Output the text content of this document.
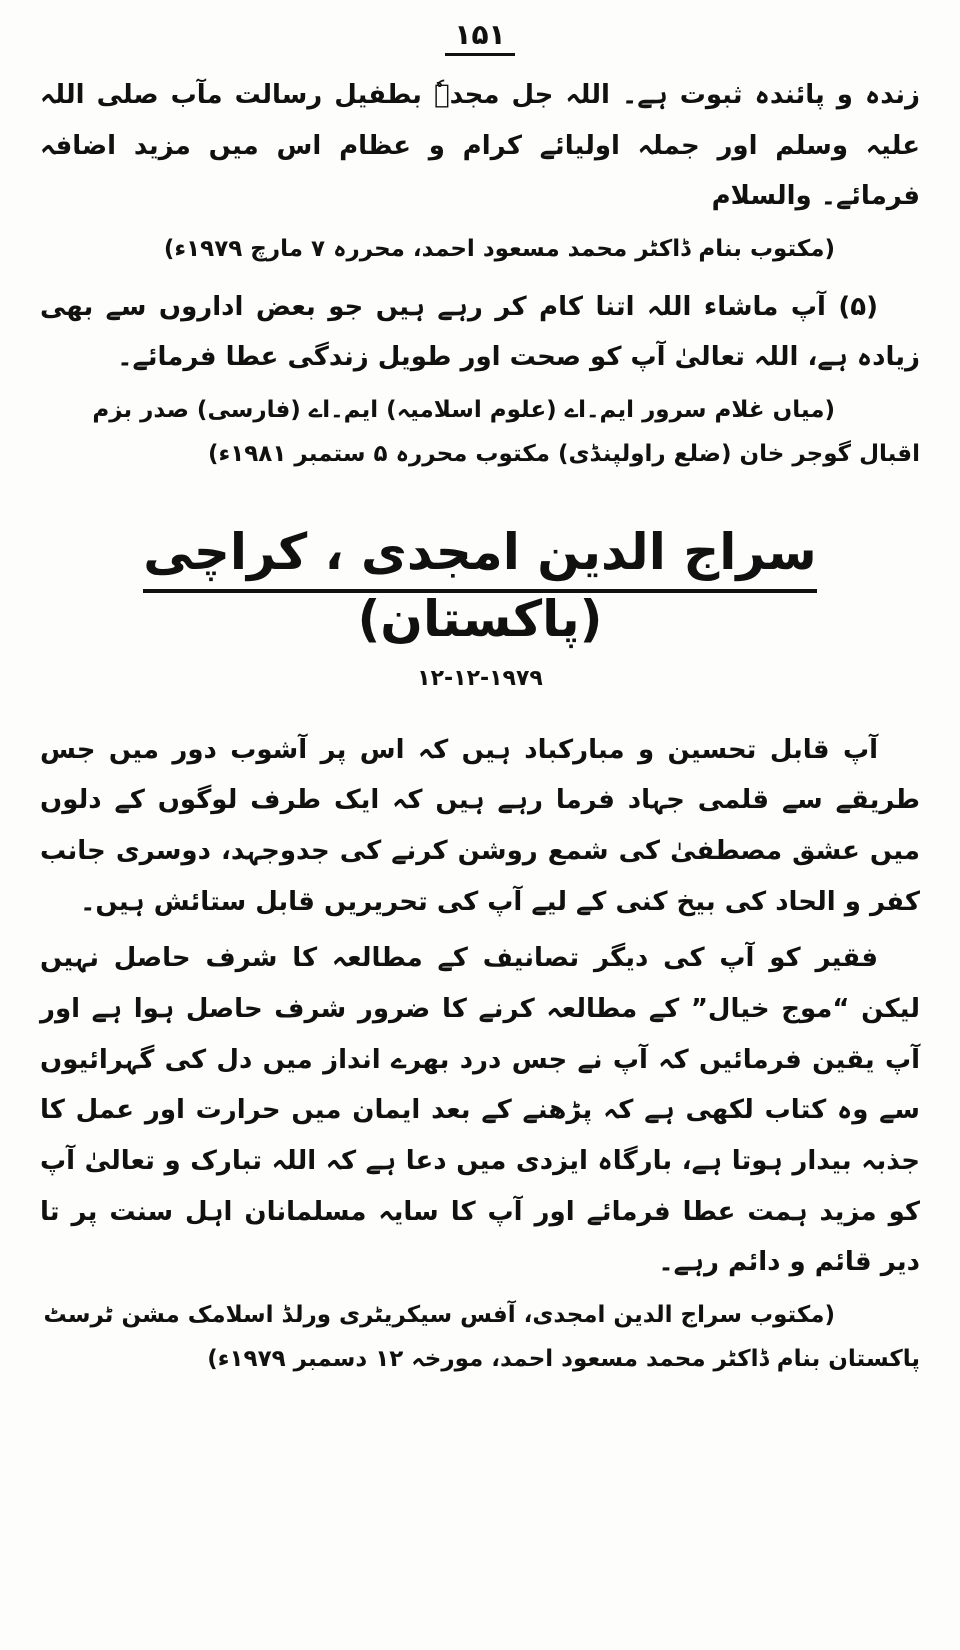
۱۵۱

زندہ و پائندہ ثبوت ہے۔ اللہ جل مجدہٗ بطفیل رسالت مآب صلی اللہ علیہ وسلم اور جملہ اولیائے کرام و عظام اس میں مزید اضافہ فرمائے۔ والسلام

(مکتوب بنام ڈاکٹر محمد مسعود احمد، محررہ ۷ مارچ ۱۹۷۹ء)

(۵) آپ ماشاء اللہ اتنا کام کر رہے ہیں جو بعض اداروں سے بھی زیادہ ہے، اللہ تعالیٰ آپ کو صحت اور طویل زندگی عطا فرمائے۔

(میاں غلام سرور ایم۔اے (علوم اسلامیہ) ایم۔اے (فارسی) صدر بزم اقبال گوجر خان (ضلع راولپنڈی) مکتوب محررہ ۵ ستمبر ۱۹۸۱ء)

سراج الدین امجدی ، کراچی (پاکستان)
۱۲-۱۲-۱۹۷۹

آپ قابل تحسین و مبارکباد ہیں کہ اس پر آشوب دور میں جس طریقے سے قلمی جہاد فرما رہے ہیں کہ ایک طرف لوگوں کے دلوں میں عشق مصطفیٰ کی شمع روشن کرنے کی جدوجہد، دوسری جانب کفر و الحاد کی بیخ کنی کے لیے آپ کی تحریریں قابل ستائش ہیں۔

فقیر کو آپ کی دیگر تصانیف کے مطالعہ کا شرف حاصل نہیں لیکن “موج خیال” کے مطالعہ کرنے کا ضرور شرف حاصل ہوا ہے اور آپ یقین فرمائیں کہ آپ نے جس درد بھرے انداز میں دل کی گہرائیوں سے وہ کتاب لکھی ہے کہ پڑھنے کے بعد ایمان میں حرارت اور عمل کا جذبہ بیدار ہوتا ہے، بارگاہ ایزدی میں دعا ہے کہ اللہ تبارک و تعالیٰ آپ کو مزید ہمت عطا فرمائے اور آپ کا سایہ مسلمانان اہل سنت پر تا دیر قائم و دائم رہے۔

(مکتوب سراج الدین امجدی، آفس سیکریٹری ورلڈ اسلامک مشن ٹرسٹ پاکستان بنام ڈاکٹر محمد مسعود احمد، مورخہ ۱۲ دسمبر ۱۹۷۹ء)
